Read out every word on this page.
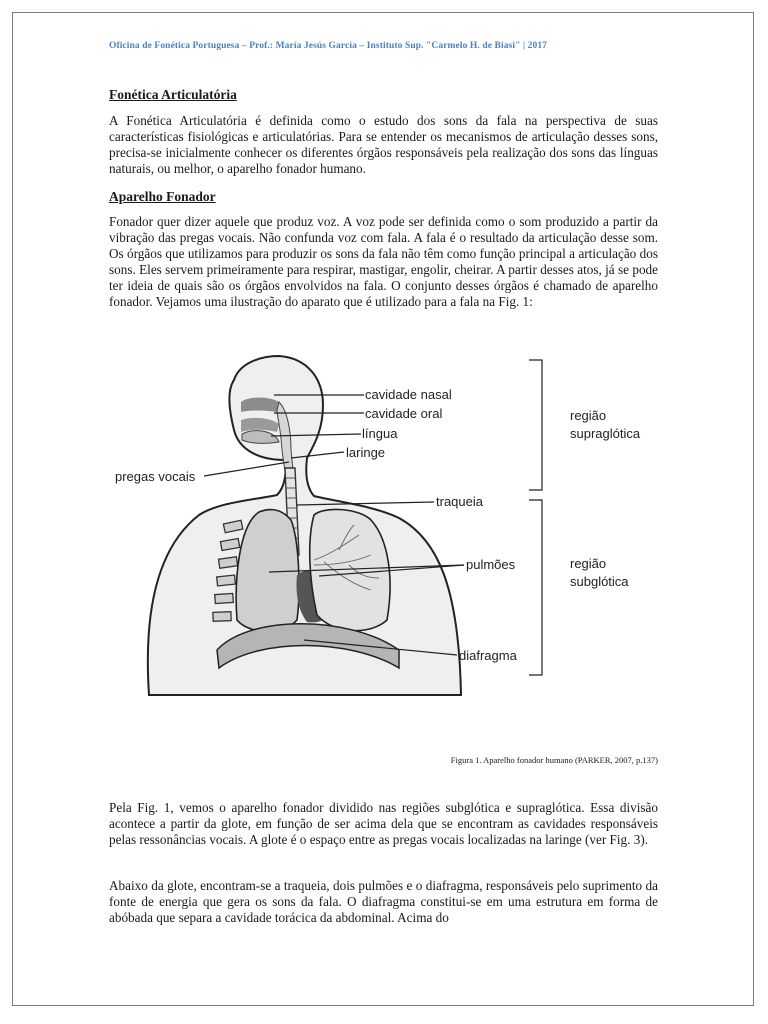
Oficina de Fonética Portuguesa – Prof.: María Jesús García – Instituto Sup. "Carmelo H. de Biasi" | 2017
Fonética Articulatória

A Fonética Articulatória é definida como o estudo dos sons da fala na perspectiva de suas características fisiológicas e articulatórias. Para se entender os mecanismos de articulação desses sons, precisa-se inicialmente conhecer os diferentes órgãos responsáveis pela realização dos sons das línguas naturais, ou melhor, o aparelho fonador humano.

Aparelho Fonador

Fonador quer dizer aquele que produz voz. A voz pode ser definida como o som produzido a partir da vibração das pregas vocais. Não confunda voz com fala. A fala é o resultado da articulação desse som. Os órgãos que utilizamos para produzir os sons da fala não têm como função principal a articulação dos sons. Eles servem primeiramente para respirar, mastigar, engolir, cheirar. A partir desses atos, já se pode ter ideia de quais são os órgãos envolvidos na fala. O conjunto desses órgãos é chamado de aparelho fonador. Vejamos uma ilustração do aparato que é utilizado para a fala na Fig. 1:

cavidade nasal
cavidade oral
língua
laringe
pregas vocais
traqueia
pulmões
diafragma
região
supraglótica
região
subglótica
Figura 1. Aparelho fonador humano (PARKER, 2007, p.137)

Pela Fig. 1, vemos o aparelho fonador dividido nas regiões subglótica e supraglótica. Essa divisão acontece a partir da glote, em função de ser acima dela que se encontram as cavidades responsáveis pelas ressonâncias vocais. A glote é o espaço entre as pregas vocais localizadas na laringe (ver Fig. 3).

Abaixo da glote, encontram-se a traqueia, dois pulmões e o diafragma, responsáveis pelo suprimento da fonte de energia que gera os sons da fala. O diafragma constitui-se em uma estrutura em forma de abóbada que separa a cavidade torácica da abdominal. Acima do
